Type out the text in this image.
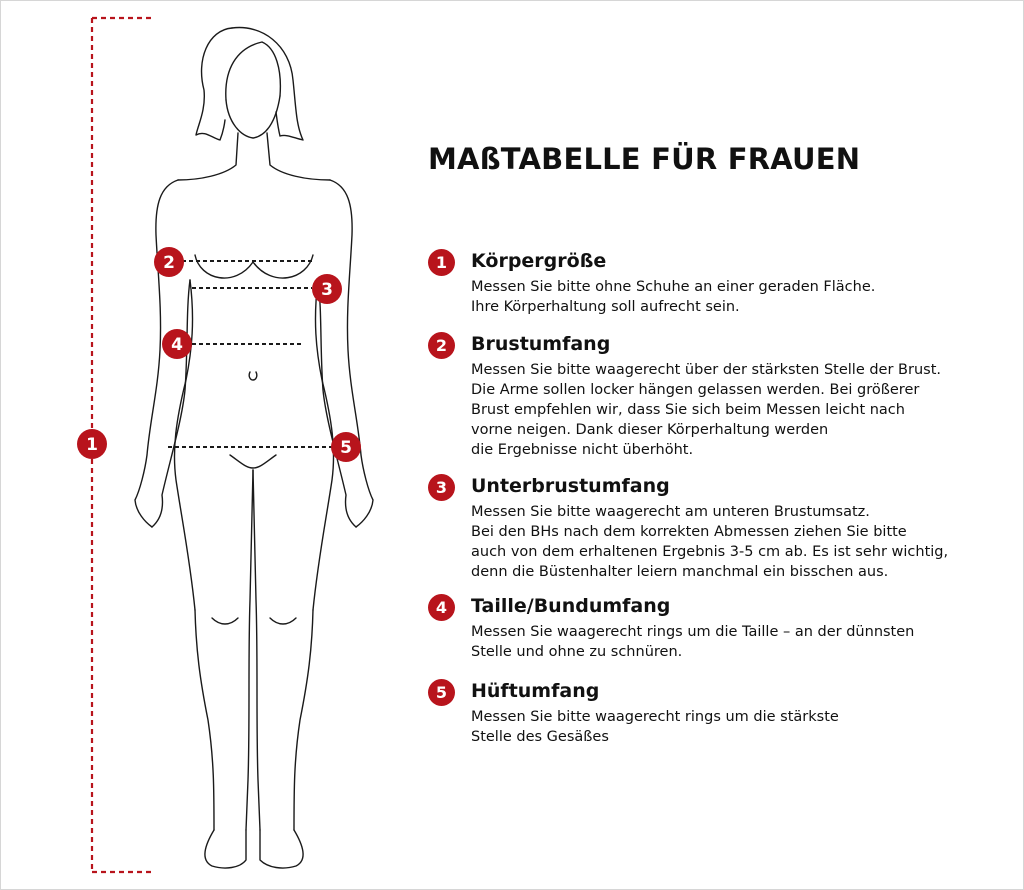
1
2
3
4
5
MAßTABELLE FÜR FRAUEN
1	Körpergröße
Messen Sie bitte ohne Schuhe an einer geraden Fläche.
Ihre Körperhaltung soll aufrecht sein.
2	Brustumfang
Messen Sie bitte waagerecht über der stärksten Stelle der Brust.
Die Arme sollen locker hängen gelassen werden. Bei größerer
Brust empfehlen wir, dass Sie sich beim Messen leicht nach
vorne neigen. Dank dieser Körperhaltung werden
die Ergebnisse nicht überhöht.
3	Unterbrustumfang
Messen Sie bitte waagerecht am unteren Brustumsatz.
Bei den BHs nach dem korrekten Abmessen ziehen Sie bitte
auch von dem erhaltenen Ergebnis 3-5 cm ab. Es ist sehr wichtig,
denn die Büstenhalter leiern manchmal ein bisschen aus.
4	Taille/Bundumfang
Messen Sie waagerecht rings um die Taille – an der dünnsten
Stelle und ohne zu schnüren.
5	Hüftumfang
Messen Sie bitte waagerecht rings um die stärkste
Stelle des Gesäßes
